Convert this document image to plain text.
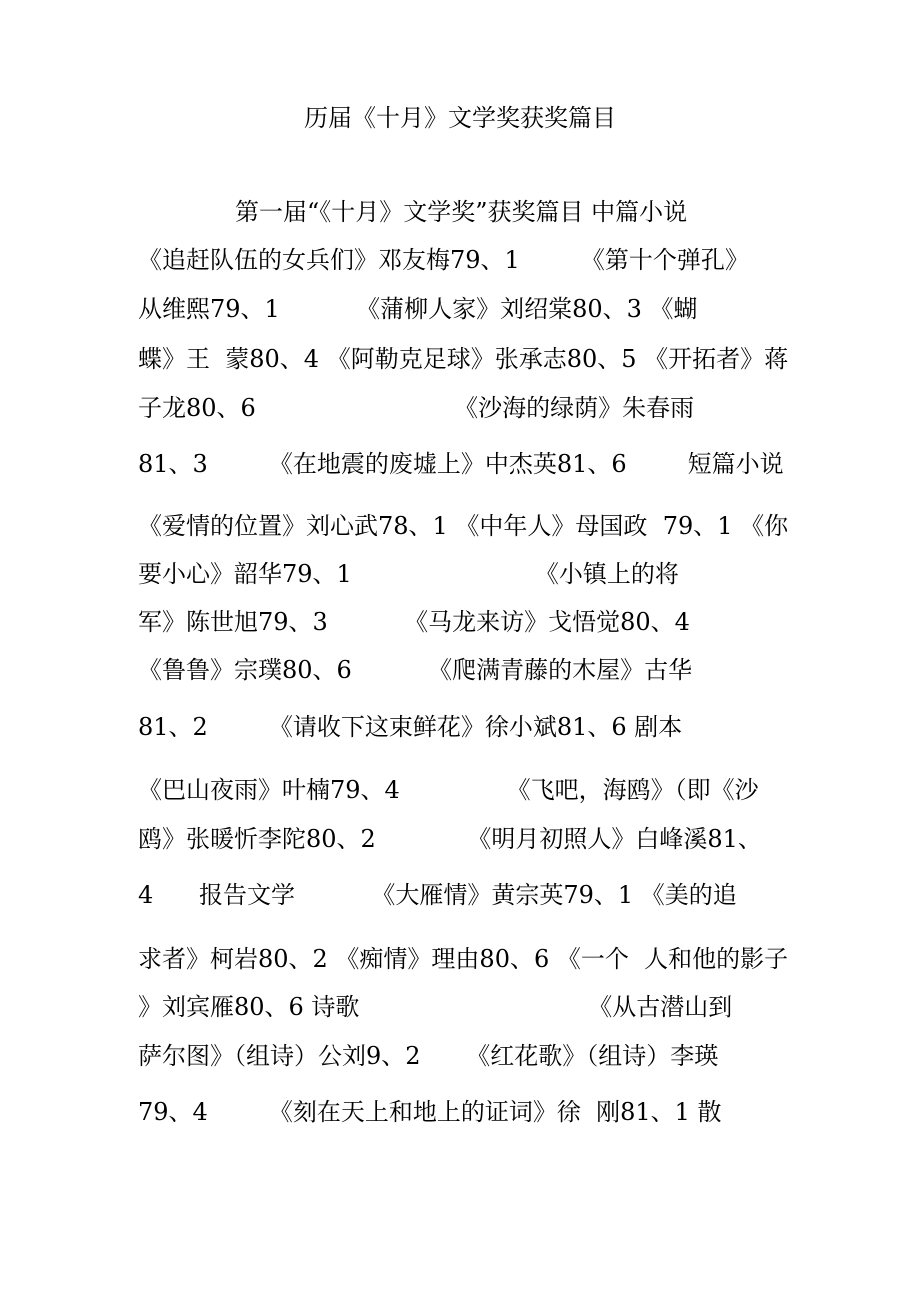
历届《十月》文学奖获奖篇目
第一届“《十月》文学奖”获奖篇目 中篇小说
《追赶队伍的女兵们》邓友梅79、1        《第十个弹孔》
从维熙79、1          《蒲柳人家》刘绍棠80、3 《蝴
蝶》王  蒙80、4 《阿勒克足球》张承志80、5 《开拓者》蒋
子龙80、6                          《沙海的绿荫》朱春雨
81、3        《在地震的废墟上》中杰英81、6        短篇小说
《爱情的位置》刘心武78、1 《中年人》母国政  79、1 《你
要小心》韶华79、1                        《小镇上的将
军》陈世旭79、3          《马龙来访》戈悟觉80、4
《鲁鲁》宗璞80、6          《爬满青藤的木屋》古华
81、2        《请收下这束鲜花》徐小斌81、6 剧本
《巴山夜雨》叶楠79、4              《飞吧，海鸥》（即《沙
鸥》张暖忻李陀80、2            《明月初照人》白峰溪81、
4      报告文学          《大雁情》黄宗英79、1 《美的追
求者》柯岩80、2 《痴情》理由80、6 《一个  人和他的影子
》刘宾雁80、6 诗歌                              《从古潜山到
萨尔图》（组诗）公刘9、2      《红花歌》（组诗）李瑛
79、4        《刻在天上和地上的证词》徐  刚81、1 散
